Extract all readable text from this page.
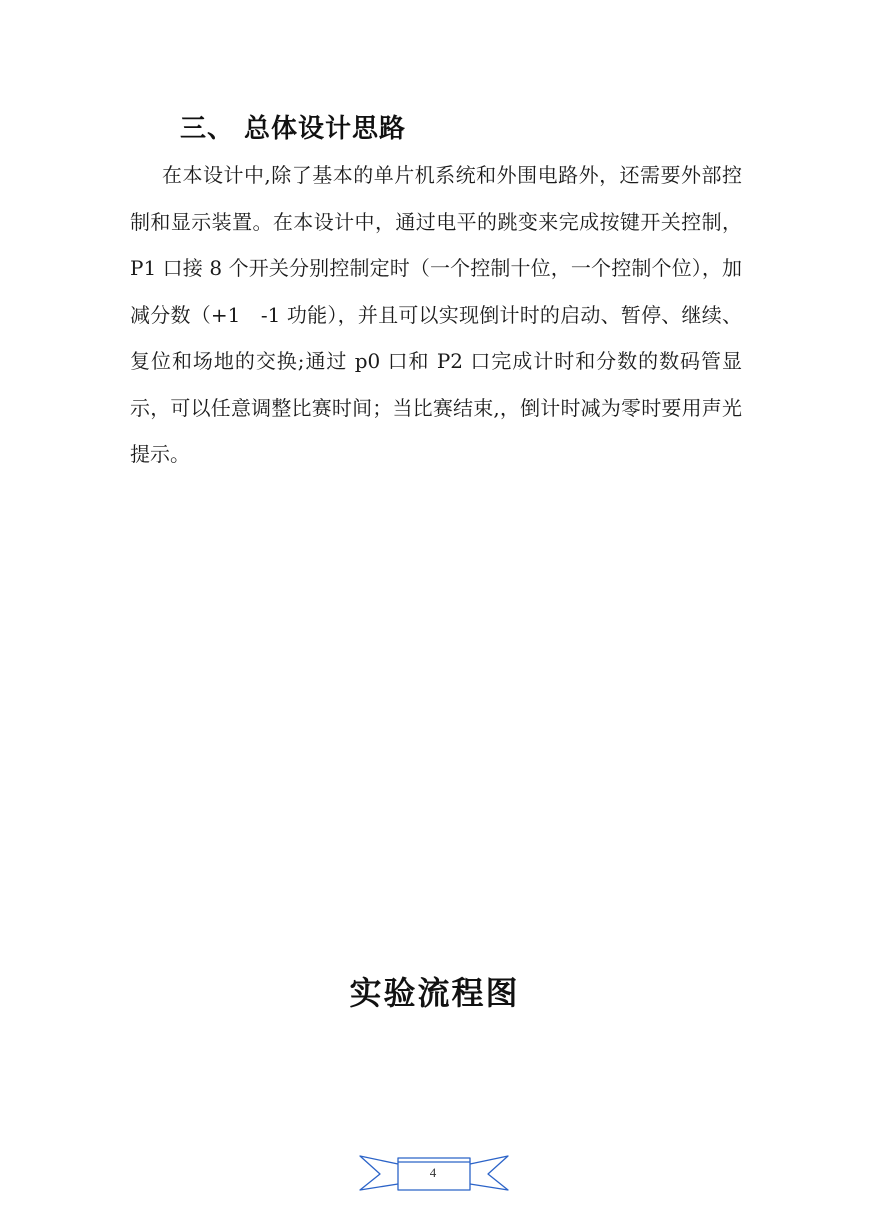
三、 总体设计思路

在本设计中,除了基本的单片机系统和外围电路外，还需要外部控制和显示装置。在本设计中，通过电平的跳变来完成按键开关控制，P1 口接 8 个开关分别控制定时（一个控制十位，一个控制个位），加减分数（+1　-1 功能），并且可以实现倒计时的启动、暂停、继续、复位和场地的交换;通过 p0 口和 P2 口完成计时和分数的数码管显示，可以任意调整比赛时间；当比赛结束,，倒计时减为零时要用声光提示。

实验流程图
4
